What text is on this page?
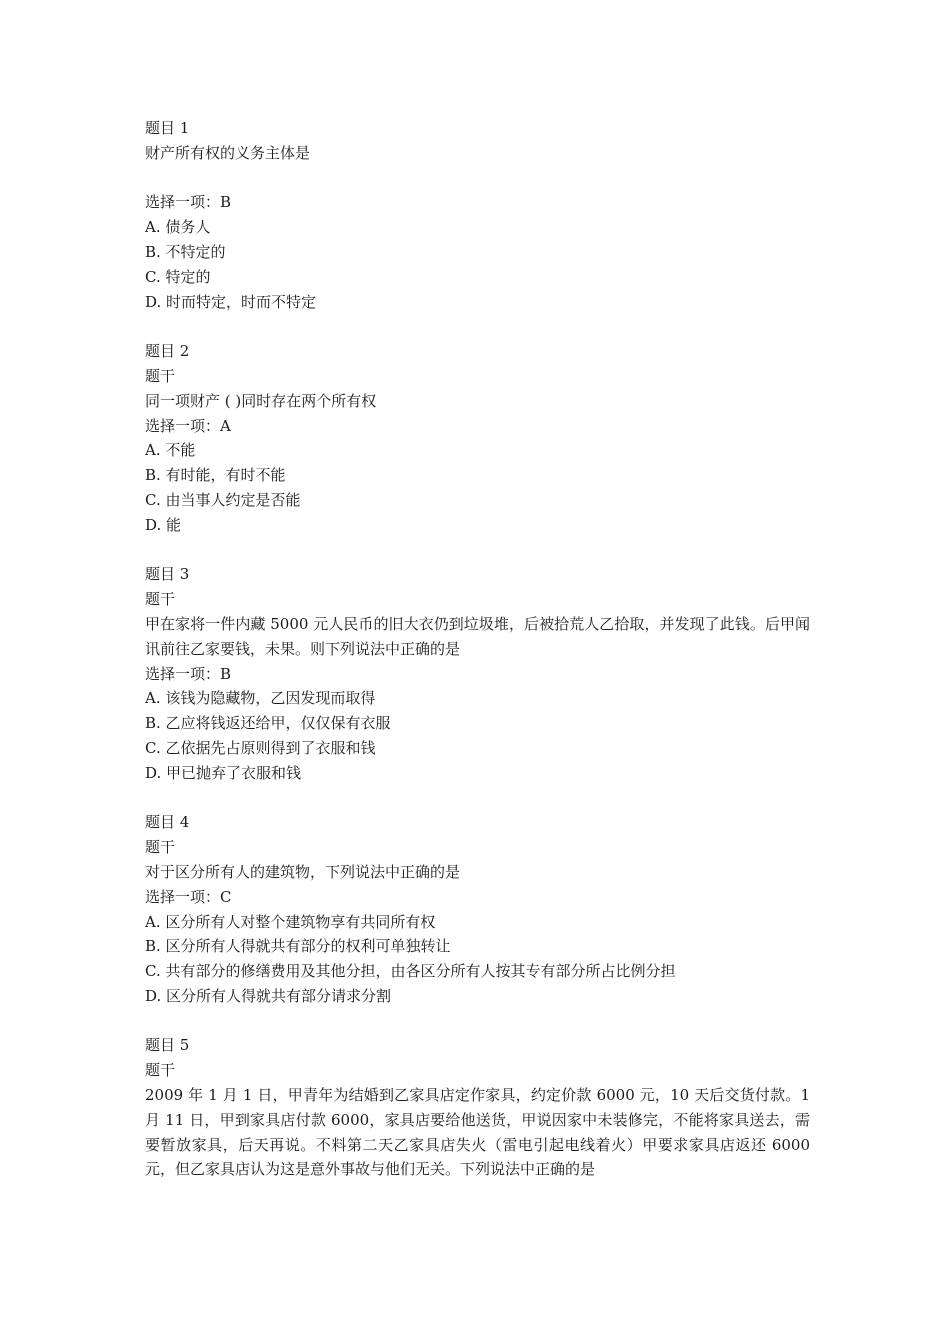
题目 1
财产所有权的义务主体是
选择一项：B
A. 债务人
B. 不特定的
C. 特定的
D. 时而特定，时而不特定
题目 2
题干
同一项财产 ( )同时存在两个所有权
选择一项：A
A. 不能
B. 有时能，有时不能
C. 由当事人约定是否能
D. 能
题目 3
题干
甲在家将一件内藏 5000 元人民币的旧大衣仍到垃圾堆，后被拾荒人乙拾取，并发现了此钱。后甲闻讯前往乙家要钱，未果。则下列说法中正确的是
选择一项：B
A. 该钱为隐藏物，乙因发现而取得
B. 乙应将钱返还给甲，仅仅保有衣服
C. 乙依据先占原则得到了衣服和钱
D. 甲已抛弃了衣服和钱
题目 4
题干
对于区分所有人的建筑物，下列说法中正确的是
选择一项：C
A. 区分所有人对整个建筑物享有共同所有权
B. 区分所有人得就共有部分的权利可单独转让
C. 共有部分的修缮费用及其他分担，由各区分所有人按其专有部分所占比例分担
D. 区分所有人得就共有部分请求分割
题目 5
题干
2009 年 1 月 1 日，甲青年为结婚到乙家具店定作家具，约定价款 6000 元，10 天后交货付款。1 月 11 日，甲到家具店付款 6000，家具店要给他送货，甲说因家中未装修完，不能将家具送去，需要暂放家具，后天再说。不料第二天乙家具店失火（雷电引起电线着火）甲要求家具店返还 6000 元，但乙家具店认为这是意外事故与他们无关。下列说法中正确的是
